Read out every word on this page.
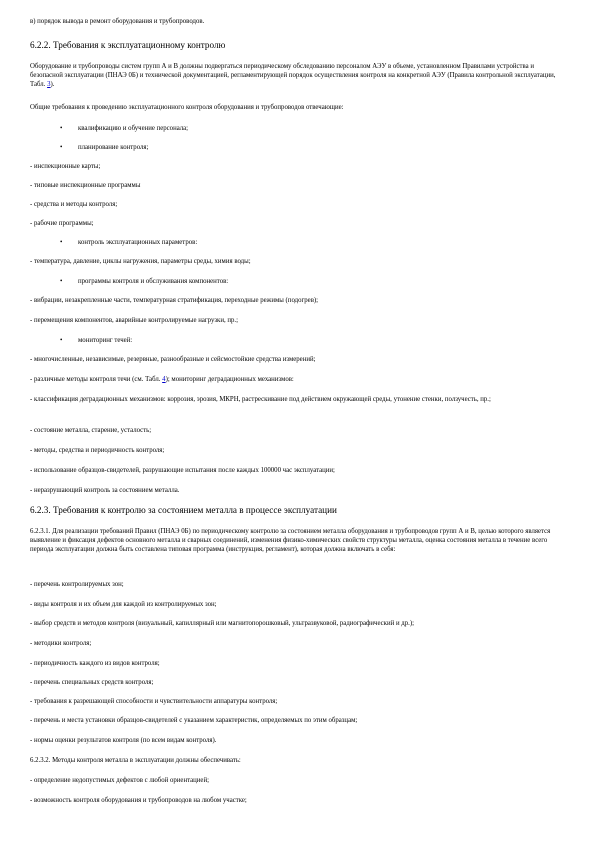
в) порядок вывода в ремонт оборудования и трубопроводов.
6.2.2. Требования к эксплуатационному контролю
Оборудование и трубопроводы систем групп А и В должны подвергаться периодическому обследованию персоналом АЭУ в объеме, установленном Правилами устройства и безопасной эксплуатации (ПНАЭ 0Б) и технической документацией, регламентирующей порядок осуществления контроля на конкретной АЭУ (Правила контрольной эксплуатации, Табл. 3).
Общие требования к проведению эксплуатационного контроля оборудования и трубопроводов отвечающие:
• квалификацию и обучение персонала;
• планирование контроля;
- инспекционные карты;
- типовые инспекционные программы
- средства и методы контроля;
- рабочие программы;
• контроль эксплуатационных параметров:
- температура, давление, циклы нагружения, параметры среды, химия воды;
• программы контроля и обслуживания компонентов:
- вибрации, незакрепленные части, температурная стратификация, переходные режимы (подогрев);
- перемещения компонентов, аварийные контролируемые нагрузки, пр.;
• мониторинг течей:
- многочисленные, независимые, резервные, разнообразные и сейсмостойкие средства измерений;
- различные методы контроля течи (см. Табл. 4); мониторинг деградационных механизмов:
- классификация деградационных механизмов: коррозия, эрозия, МКРН, растрескивание под действием окружающей среды, утонение стенки, ползучесть, пр.;
- состояние металла, старение, усталость;
- методы, средства и периодичность контроля;
- использование образцов-свидетелей, разрушающие испытания после каждых 100000 час эксплуатации;
- неразрушающий контроль за состоянием металла.
6.2.3. Требования к контролю за состоянием металла в процессе эксплуатации
6.2.3.1. Для реализации требований Правил (ПНАЭ 0Б) по периодическому контролю за состоянием металла оборудования и трубопроводов групп А и В, целью которого является выявление и фиксация дефектов основного металла и сварных соединений, изменения физико-химических свойств структуры металла, оценка состояния металла в течение всего периода эксплуатации должна быть составлена типовая программа (инструкция, регламент), которая должна включать в себя:
- перечень контролируемых зон;
- виды контроля и их объем для каждой из контролируемых зон;
- выбор средств и методов контроля (визуальный, капиллярный или магнитопорошковый, ультразвуковой, радиографический и др.);
- методики контроля;
- периодичность каждого из видов контроля;
- перечень специальных средств контроля;
- требования к разрешающей способности и чувствительности аппаратуры контроля;
- перечень и места установки образцов-свидетелей с указанием характеристик, определяемых по этим образцам;
- нормы оценки результатов контроля (по всем видам контроля).
6.2.3.2. Методы контроля металла в эксплуатации должны обеспечивать:
- определение недопустимых дефектов с любой ориентацией;
- возможность контроля оборудования и трубопроводов на любом участке;
